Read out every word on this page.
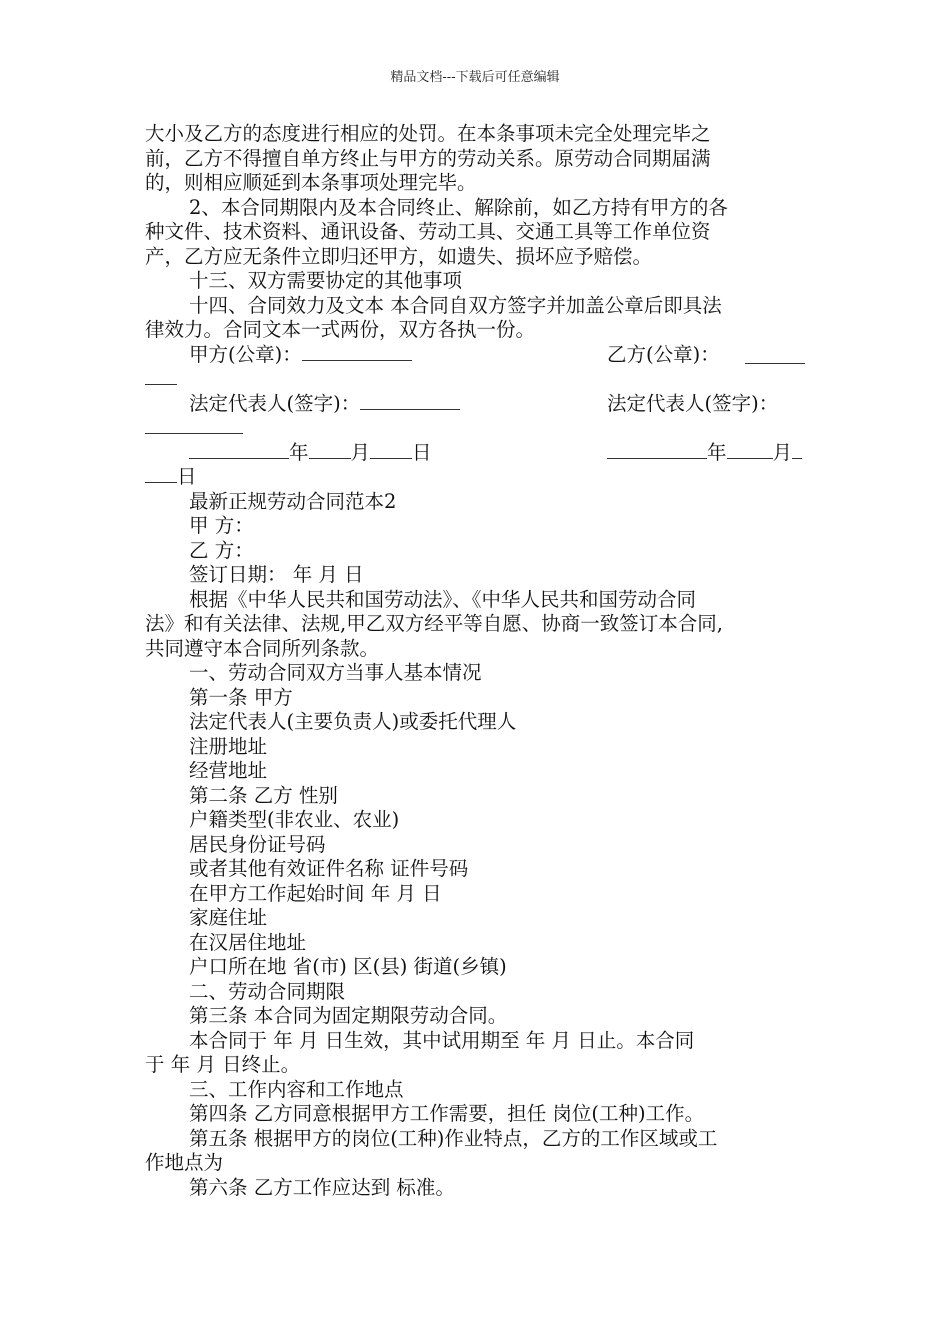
精品文档---下载后可任意编辑
大小及乙方的态度进行相应的处罚。在本条事项未完全处理完毕之
前，乙方不得擅自单方终止与甲方的劳动关系。原劳动合同期届满
的，则相应顺延到本条事项处理完毕。
2、本合同期限内及本合同终止、解除前，如乙方持有甲方的各
种文件、技术资料、通讯设备、劳动工具、交通工具等工作单位资
产，乙方应无条件立即归还甲方，如遗失、损坏应予赔偿。
十三、双方需要协定的其他事项
十四、合同效力及文本 本合同自双方签字并加盖公章后即具法
律效力。合同文本一式两份，双方各执一份。
甲方(公章)：	乙方(公章)：
法定代表人(签字)：	法定代表人(签字)：
年 月 日	年 月
日
最新正规劳动合同范本2
甲 方：
乙 方：
签订日期： 年 月 日
根据《中华人民共和国劳动法》、《中华人民共和国劳动合同
法》和有关法律、法规,甲乙双方经平等自愿、协商一致签订本合同,
共同遵守本合同所列条款。
一、劳动合同双方当事人基本情况
第一条 甲方
法定代表人(主要负责人)或委托代理人
注册地址
经营地址
第二条 乙方 性别
户籍类型(非农业、农业)
居民身份证号码
或者其他有效证件名称 证件号码
在甲方工作起始时间 年 月 日
家庭住址
在汉居住地址
户口所在地 省(市) 区(县) 街道(乡镇)
二、劳动合同期限
第三条 本合同为固定期限劳动合同。
本合同于 年 月 日生效，其中试用期至 年 月 日止。本合同
于 年 月 日终止。
三、工作内容和工作地点
第四条 乙方同意根据甲方工作需要，担任 岗位(工种)工作。
第五条 根据甲方的岗位(工种)作业特点，乙方的工作区域或工
作地点为
第六条 乙方工作应达到 标准。
